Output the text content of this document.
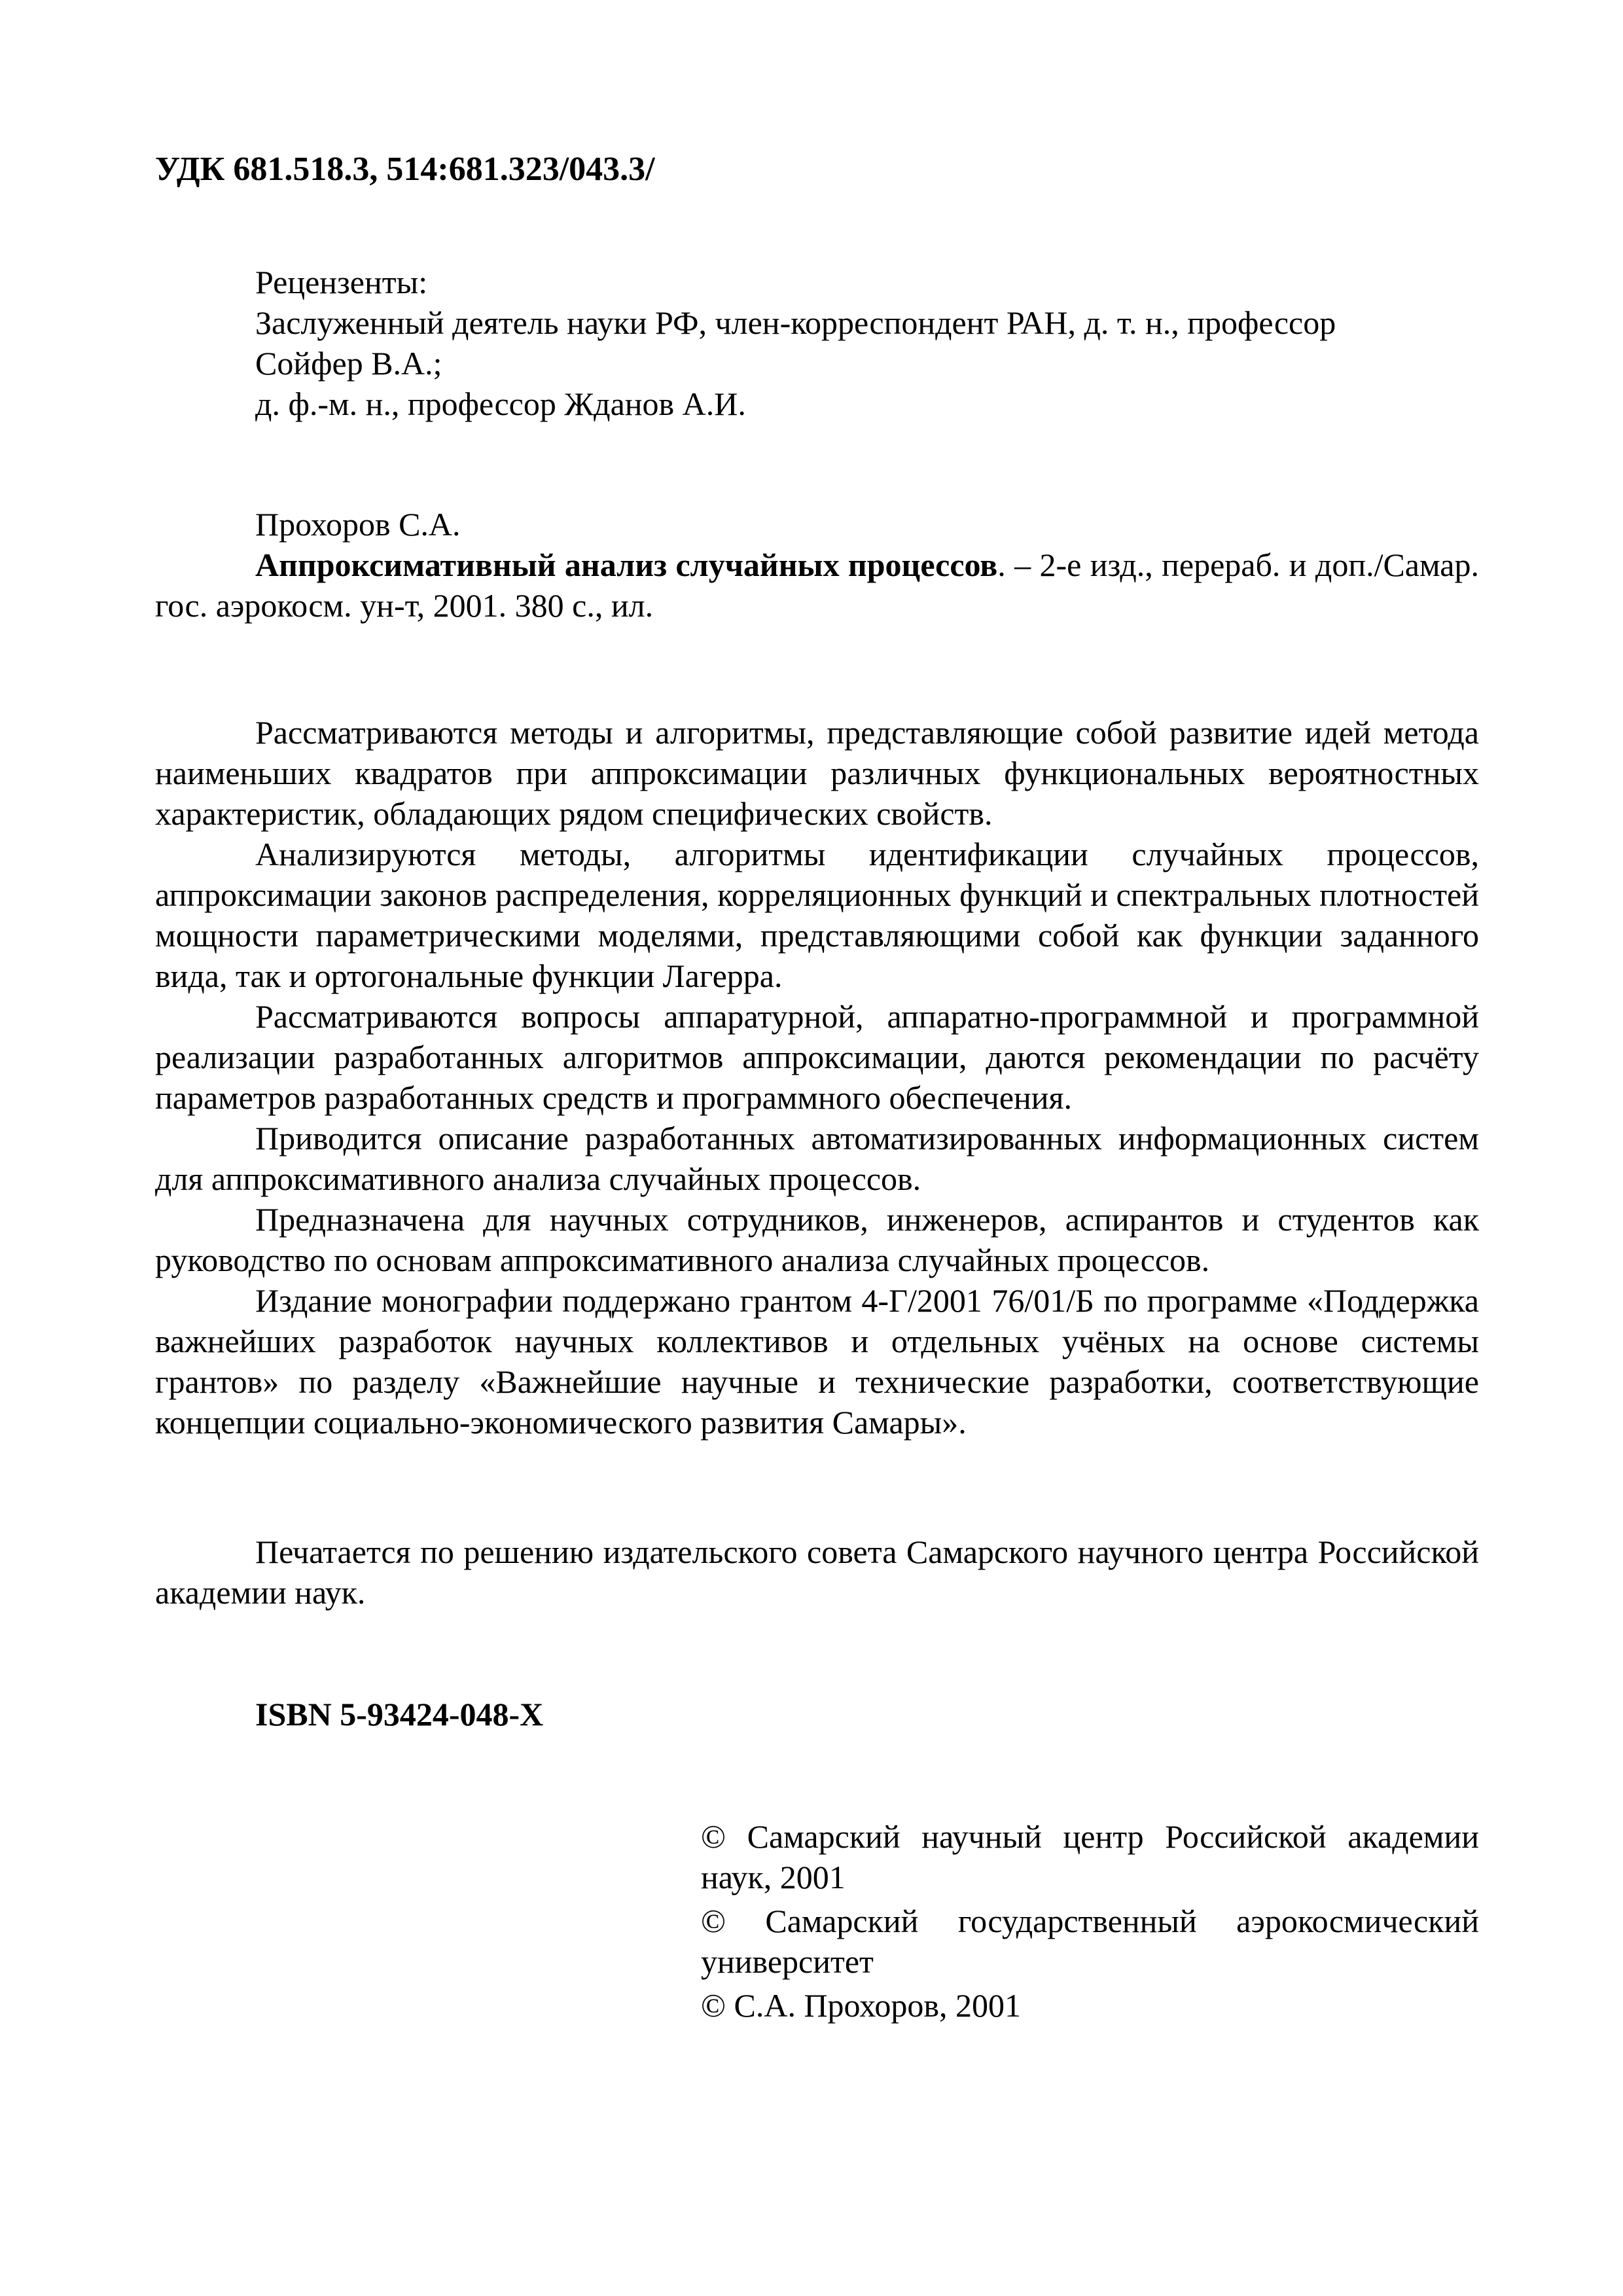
УДК 681.518.3, 514:681.323/043.3/
Рецензенты:
Заслуженный деятель науки РФ, член-корреспондент РАН, д. т. н., профессор
Сойфер В.А.;
д. ф.-м. н., профессор Жданов А.И.
Прохоров С.А.

Аппроксимативный анализ случайных процессов. – 2-е изд., перераб. и доп./Самар. гос. аэрокосм. ун-т, 2001. 380 с., ил.

Рассматриваются методы и алгоритмы, представляющие собой развитие идей метода наименьших квадратов при аппроксимации различных функциональных вероятностных характеристик, обладающих рядом специфических свойств.

Анализируются методы, алгоритмы идентификации случайных процессов, аппроксимации законов распределения, корреляционных функций и спектральных плотностей мощности параметрическими моделями, представляющими собой как функции заданного вида, так и ортогональные функции Лагерра.

Рассматриваются вопросы аппаратурной, аппаратно-программной и программной реализации разработанных алгоритмов аппроксимации, даются рекомендации по расчёту параметров разработанных средств и программного обеспечения.

Приводится описание разработанных автоматизированных информационных систем для аппроксимативного анализа случайных процессов.

Предназначена для научных сотрудников, инженеров, аспирантов и студентов как руководство по основам аппроксимативного анализа случайных процессов.

Издание монографии поддержано грантом 4-Г/2001 76/01/Б по программе «Поддержка важнейших разработок научных коллективов и отдельных учёных на основе системы грантов» по разделу «Важнейшие научные и технические разработки, соответствующие концепции социально-экономического развития Самары».

Печатается по решению издательского совета Самарского научного центра Российской академии наук.

ISBN 5-93424-048-X

© Самарский научный центр Российской академии наук, 2001

© Самарский государственный аэрокосмический университет

© С.А. Прохоров, 2001
